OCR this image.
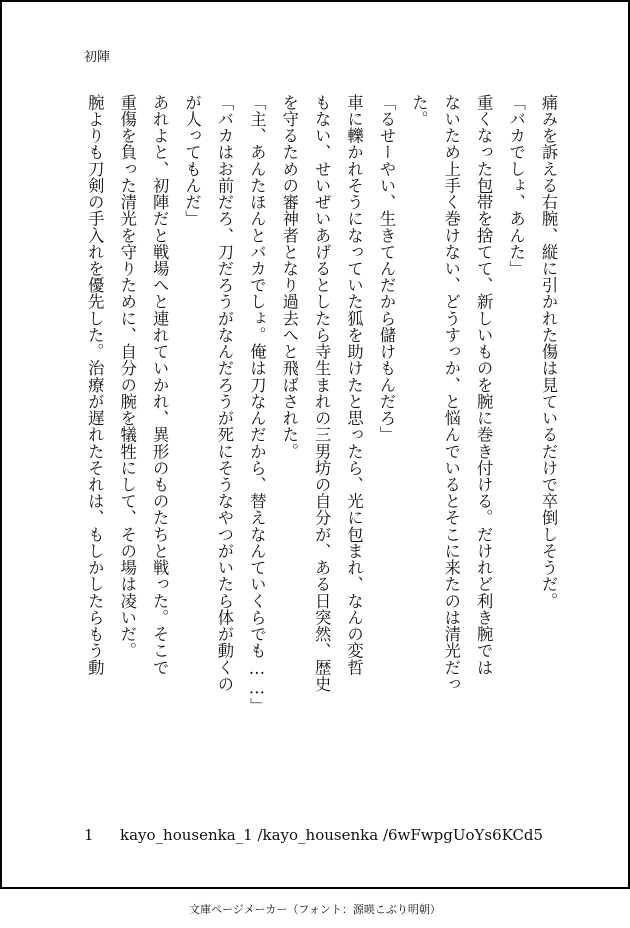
初陣
痛みを訴える右腕、縦に引かれた傷は見ているだけで卒倒しそうだ。
「バカでしょ、あんた」
重くなった包帯を捨てて、新しいものを腕に巻き付ける。だけれど利き腕では
ないため上手く巻けない、どうすっか、と悩んでいるとそこに来たのは清光だっ
た。
「るせーやい、生きてんだから儲けもんだろ」
車に轢かれそうになっていた狐を助けたと思ったら、光に包まれ、なんの変哲
もない、せいぜいあげるとしたら寺生まれの三男坊の自分が、ある日突然、歴史
を守るための審神者となり過去へと飛ばされた。
「主、あんたほんとバカでしょ。俺は刀なんだから、替えなんていくらでも……」
「バカはお前だろ、刀だろうがなんだろうが死にそうなやつがいたら体が動くの
が人ってもんだ」
あれよと、初陣だと戦場へと連れていかれ、異形のものたちと戦った。そこで
重傷を負った清光を守りために、自分の腕を犠牲にして、その場は凌いだ。
腕よりも刀剣の手入れを優先した。治療が遅れたそれは、もしかしたらもう動
1 kayo_housenka_1 /kayo_housenka /6wFwpgUoYs6KCd5
文庫ページメーカー（フォント：源暎こぶり明朝）
